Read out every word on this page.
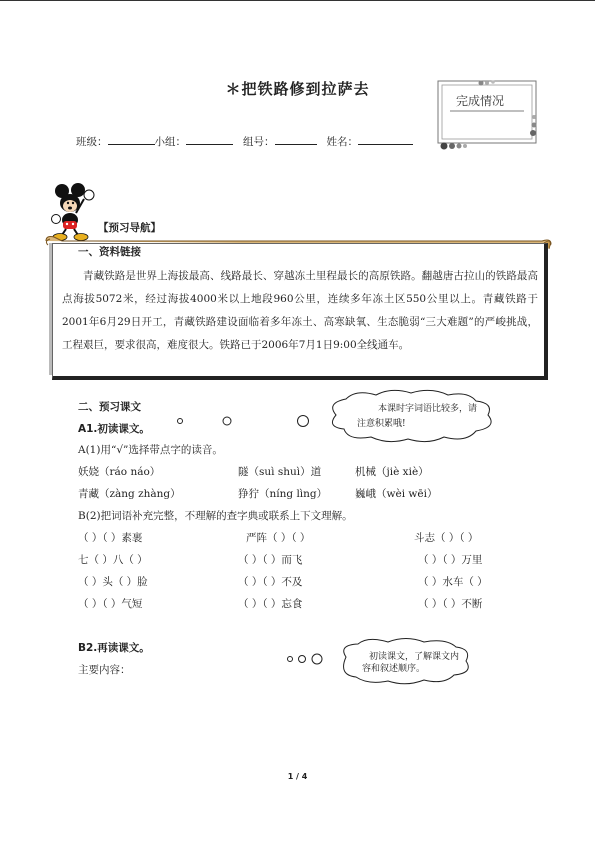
＊把铁路修到拉萨去
班级：	小组：	组号：	姓名：
完成情况
【预习导航】
一、资料链接
青藏铁路是世界上海拔最高、线路最长、穿越冻土里程最长的高原铁路。翻越唐古拉山的铁路最高点海拔5072米，经过海拔4000米以上地段960公里，连续多年冻土区550公里以上。青藏铁路于2001年6月29日开工，青藏铁路建设面临着多年冻土、高寒缺氧、生态脆弱“三大难题”的严峻挑战，工程艰巨，要求很高，难度很大。铁路已于2006年7月1日9:00全线通车。
二、预习课文
A1.初读课文。
本课时字词语比较多，请
注意积累哦!
A(1)用“√”选择带点字的读音。
妖娆（ráo náo）	隧（suì shuì）道	机械（jiè xiè）
青藏（zàng zhàng）	狰狞（níng lìng）	巍峨（wèi wēi）
B(2)把词语补充完整，不理解的查字典或联系上下文理解。
（ ）（ ）素裹	严阵（ ）（ ）	斗志（ ）（ ）
七（ ）八（ ）	（ ）（ ）而飞	（ ）（ ）万里
（ ）头（ ）脸	（ ）（ ）不及	（ ）水车（ ）
（ ）（ ）气短	（ ）（ ）忘食	（ ）（ ）不断
B2.再读课文。
主要内容：
初读课文，了解课文内
容和叙述顺序。
1 / 4
